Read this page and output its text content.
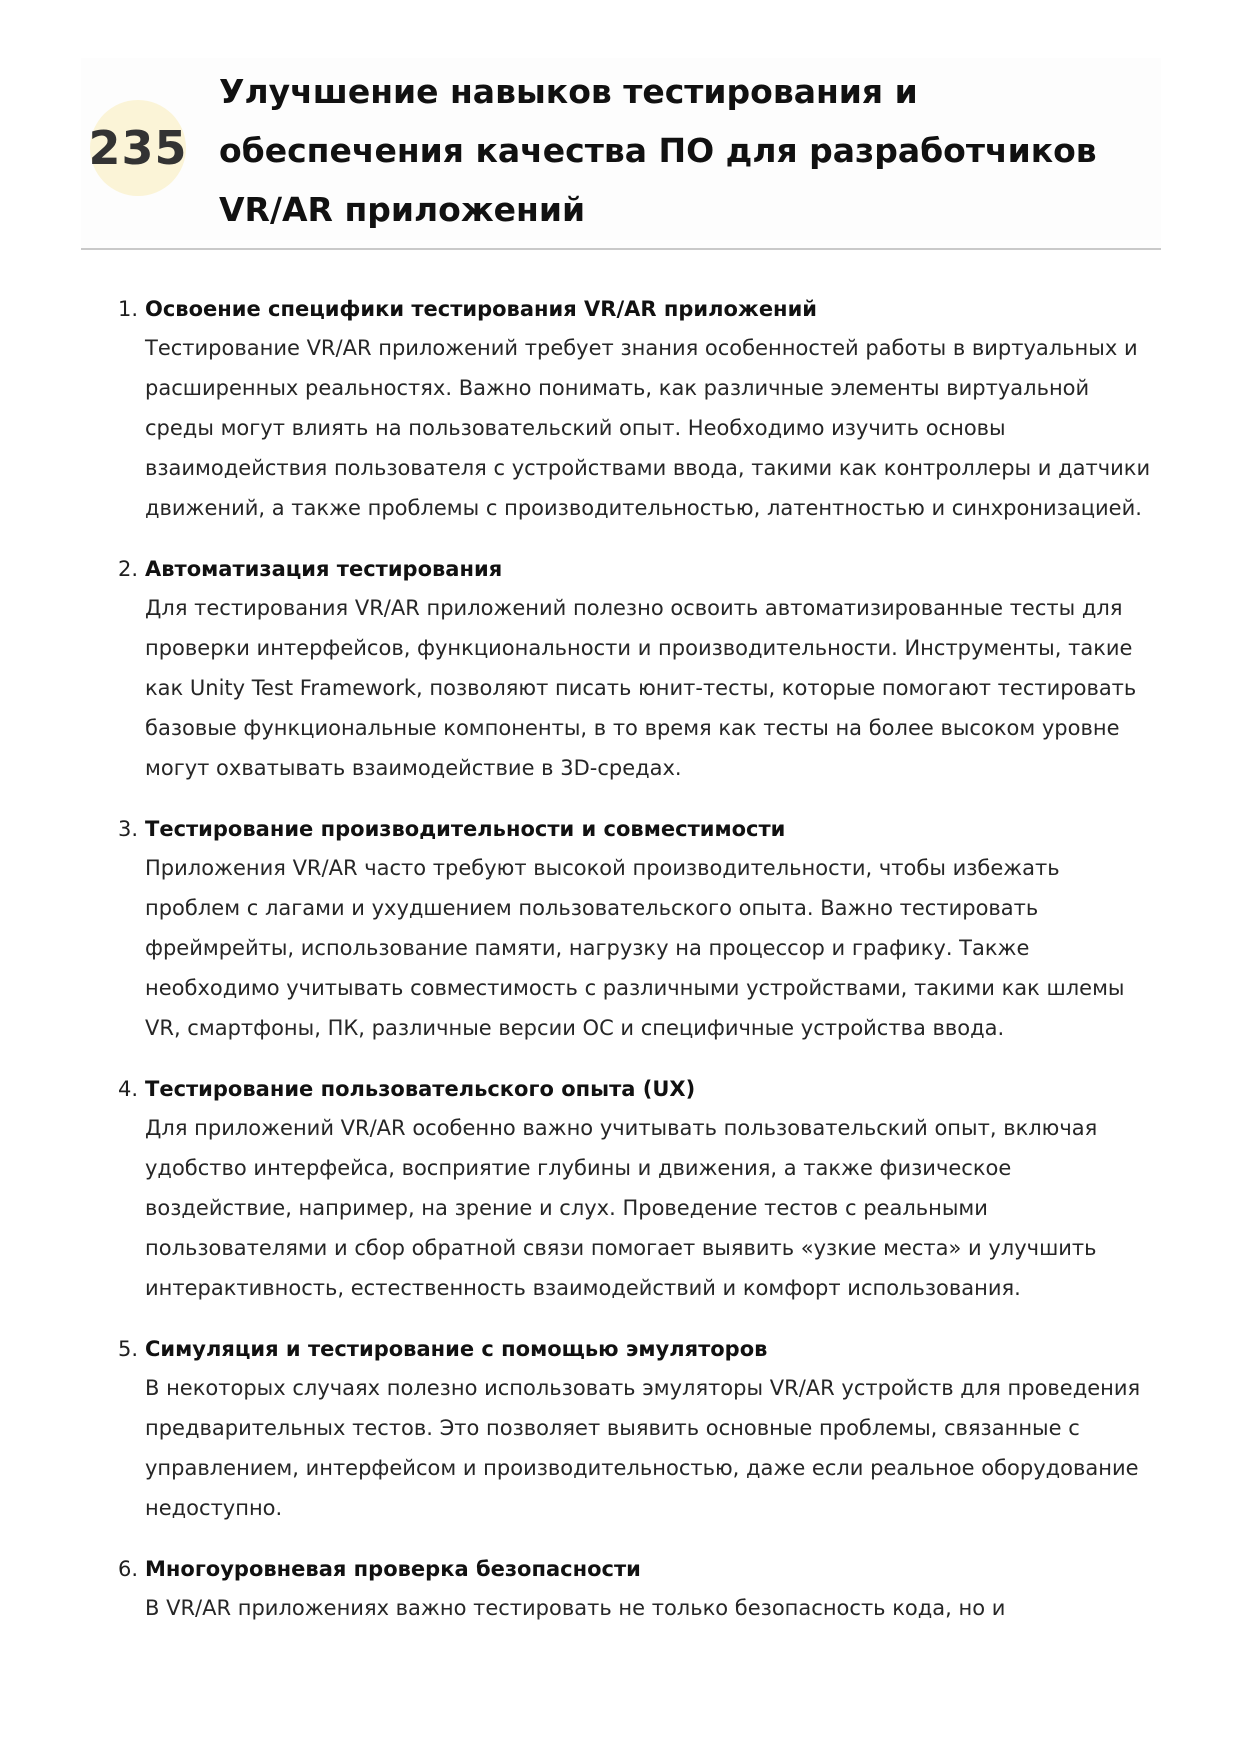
235
Улучшение навыков тестирования и обеспечения качества ПО для разработчиков VR/AR приложений
1. Освоение специфики тестирования VR/AR приложений

Тестирование VR/AR приложений требует знания особенностей работы в виртуальных и расширенных реальностях. Важно понимать, как различные элементы виртуальной среды могут влиять на пользовательский опыт. Необходимо изучить основы взаимодействия пользователя с устройствами ввода, такими как контроллеры и датчики движений, а также проблемы с производительностью, латентностью и синхронизацией.

2. Автоматизация тестирования

Для тестирования VR/AR приложений полезно освоить автоматизированные тесты для проверки интерфейсов, функциональности и производительности. Инструменты, такие как Unity Test Framework, позволяют писать юнит-тесты, которые помогают тестировать базовые функциональные компоненты, в то время как тесты на более высоком уровне могут охватывать взаимодействие в 3D-средах.

3. Тестирование производительности и совместимости

Приложения VR/AR часто требуют высокой производительности, чтобы избежать проблем с лагами и ухудшением пользовательского опыта. Важно тестировать фреймрейты, использование памяти, нагрузку на процессор и графику. Также необходимо учитывать совместимость с различными устройствами, такими как шлемы VR, смартфоны, ПК, различные версии ОС и специфичные устройства ввода.

4. Тестирование пользовательского опыта (UX)

Для приложений VR/AR особенно важно учитывать пользовательский опыт, включая удобство интерфейса, восприятие глубины и движения, а также физическое воздействие, например, на зрение и слух. Проведение тестов с реальными пользователями и сбор обратной связи помогает выявить «узкие места» и улучшить интерактивность, естественность взаимодействий и комфорт использования.

5. Симуляция и тестирование с помощью эмуляторов

В некоторых случаях полезно использовать эмуляторы VR/AR устройств для проведения предварительных тестов. Это позволяет выявить основные проблемы, связанные с управлением, интерфейсом и производительностью, даже если реальное оборудование недоступно.

6. Многоуровневая проверка безопасности

В VR/AR приложениях важно тестировать не только безопасность кода, но и
